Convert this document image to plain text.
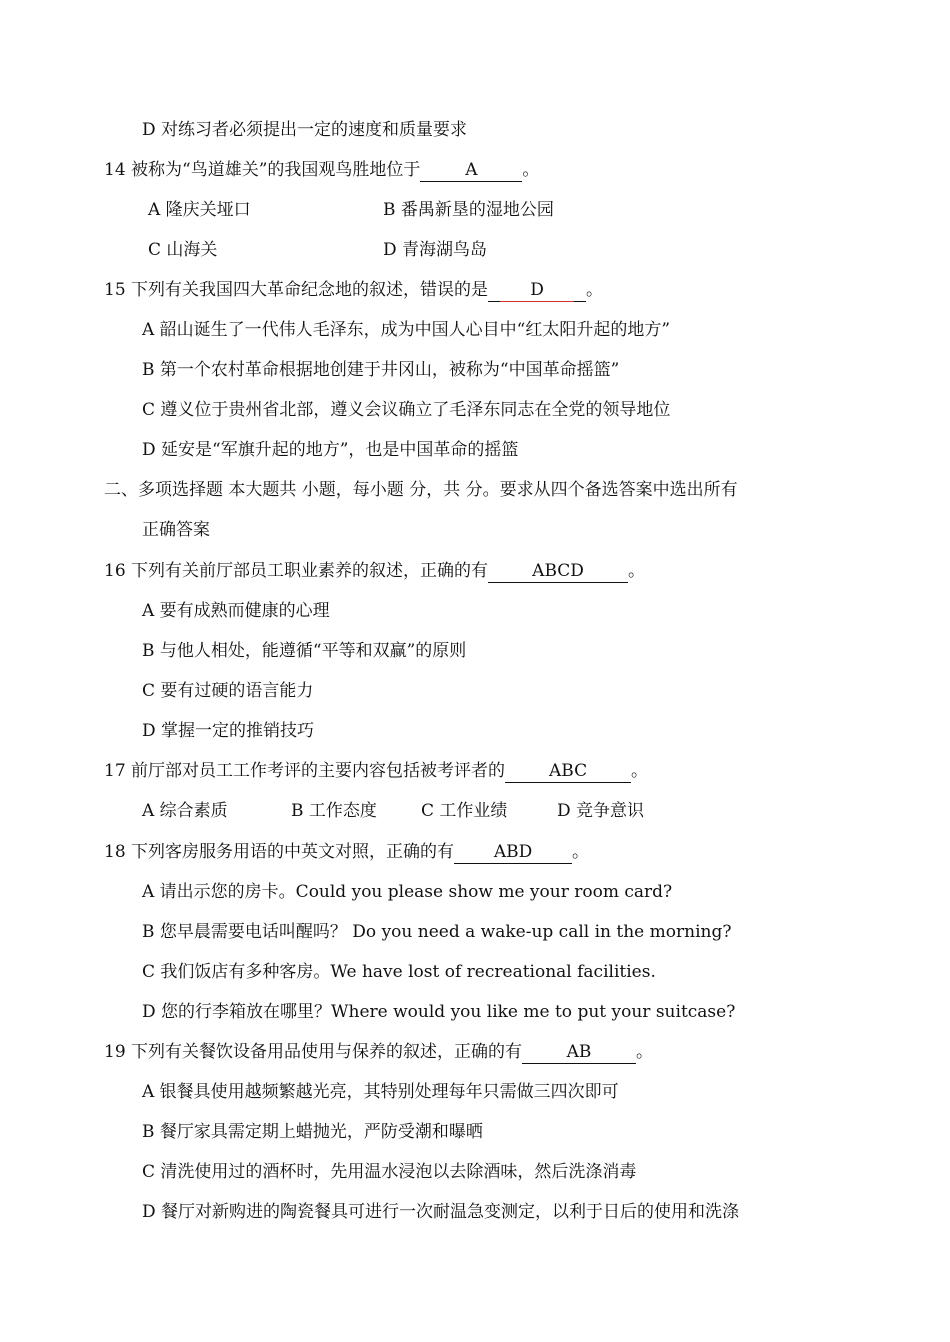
D 对练习者必须提出一定的速度和质量要求
14 被称为“鸟道雄关”的我国观鸟胜地位于	A	。
A 隆庆关垭口	B 番禺新垦的湿地公园
C 山海关	D 青海湖鸟岛
15 下列有关我国四大革命纪念地的叙述，错误的是 D 。
A 韶山诞生了一代伟人毛泽东，成为中国人心目中“红太阳升起的地方”
B 第一个农村革命根据地创建于井冈山，被称为“中国革命摇篮”
C 遵义位于贵州省北部，遵义会议确立了毛泽东同志在全党的领导地位
D 延安是“军旗升起的地方”，也是中国革命的摇篮
二、多项选择题 本大题共 小题，每小题 分，共 分。要求从四个备选答案中选出所有
正确答案
16 下列有关前厅部员工职业素养的叙述，正确的有	ABCD	。
A 要有成熟而健康的心理
B 与他人相处，能遵循“平等和双赢”的原则
C 要有过硬的语言能力
D 掌握一定的推销技巧
17 前厅部对员工工作考评的主要内容包括被考评者的	ABC	。
A 综合素质	B 工作态度	C 工作业绩	D 竞争意识
18 下列客房服务用语的中英文对照，正确的有 ABD 。
A 请出示您的房卡。Could you please show me your room card?
B 您早晨需要电话叫醒吗？ Do you need a wake-up call in the morning?
C 我们饭店有多种客房。We have lost of recreational facilities.
D 您的行李箱放在哪里？Where would you like me to put your suitcase?
19 下列有关餐饮设备用品使用与保养的叙述，正确的有	AB	。
A 银餐具使用越频繁越光亮，其特别处理每年只需做三四次即可
B 餐厅家具需定期上蜡抛光，严防受潮和曝晒
C 清洗使用过的酒杯时，先用温水浸泡以去除酒味，然后洗涤消毒
D 餐厅对新购进的陶瓷餐具可进行一次耐温急变测定，以利于日后的使用和洗涤
